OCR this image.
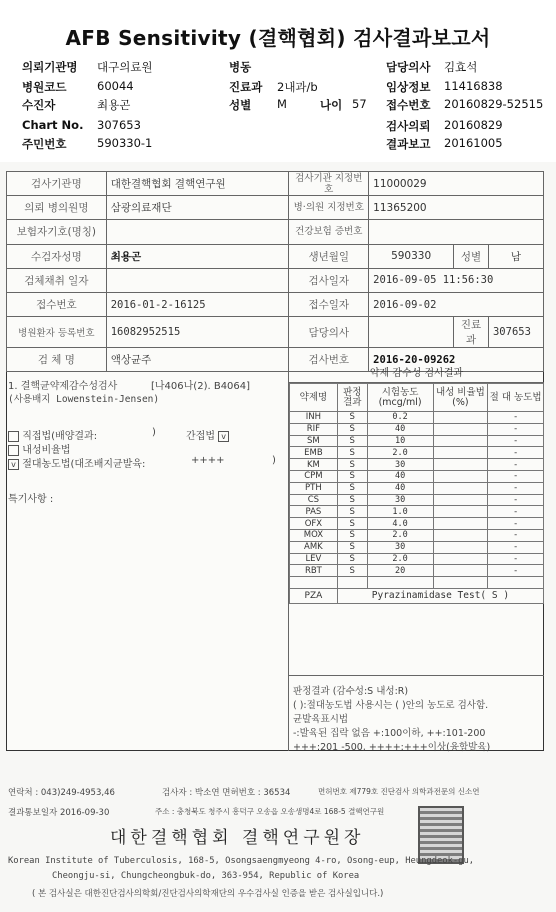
AFB Sensitivity (결핵협회) 검사결과보고서
의뢰기관명 대구의료원	병동	담당의사 김효석
병원코드	60044	진료과 2내과/b	임상정보 11416838
수진자	최용곤	성별 M	나이 57 접수번호 20160829-52515
Chart No. 307653	검사의뢰 20160829
주민번호	590330-1	결과보고 20161005
검사기관명	대한결핵협회 결핵연구원	검사기관 지정번호	11000029		
의뢰 병의원명	삼광의료재단	병·의원 지정번호	11365200		
보험자기호(명칭)		건강보험 증번호			
수검자성명	최용곤	생년월일	590330	성별	남
검체채취 일자		검사일자	2016-09-05 11:56:30		
접수번호	2016-01-2-16125	접수일자	2016-09-02		
병원환자 등록번호	16082952515	담당의사		진료과	307653
검 체 명	액상균주	검사번호	2016-20-09262		
1. 결핵균약제감수성검사	[나406나(2). B4064]
(사용배지 Lowenstein-Jensen)
직접법(배양결과:	)	간접법 v
내성비율법
v 절대농도법(대조배지균발육:	++++	)
특기사항 :
약제 감수성 검사결과
약제명	판정 결과	시험농도 (mcg/ml)	내성 비율법(%)	절 대 농도법
INH	S	0.2		-
RIF	S	40		-
SM	S	10		-
EMB	S	2.0		-
KM	S	30		-
CPM	S	40		-
PTH	S	40		-
CS	S	30		-
PAS	S	1.0		-
OFX	S	4.0		-
MOX	S	2.0		-
AMK	S	30		-
LEV	S	2.0		-
RBT	S	20		-

PZA	Pyrazinamidase Test( S )			
판정결과 (감수성:S 내성:R)
( ):절대농도법 사용시는 ( )안의 농도로 검사함.
균발육표시법
-:발육된 집락 없음 +:100이하, ++:101-200
+++:201 -500, ++++:+++이상(융합발육)
연락처 : 043)249-4953,46	검사자 : 박소연 면허번호 : 36534	면허번호 제779호 진단검사 의학과전문의 신소연
결과통보일자 2016-09-30	주소 : 충청북도 청주시 흥덕구 오송읍 오송생명4로 168-5 결핵연구원
대한결핵협회 결핵연구원장
Korean Institute of Tuberculosis, 168-5, Osongsaengmyeong 4-ro, Osong-eup, Heungdeok-gu,
Cheongju-si, Chungcheongbuk-do, 363-954, Republic of Korea
( 본 검사실은 대한진단검사의학회/진단검사의학재단의 우수검사실 인증을 받은 검사실입니다.)
